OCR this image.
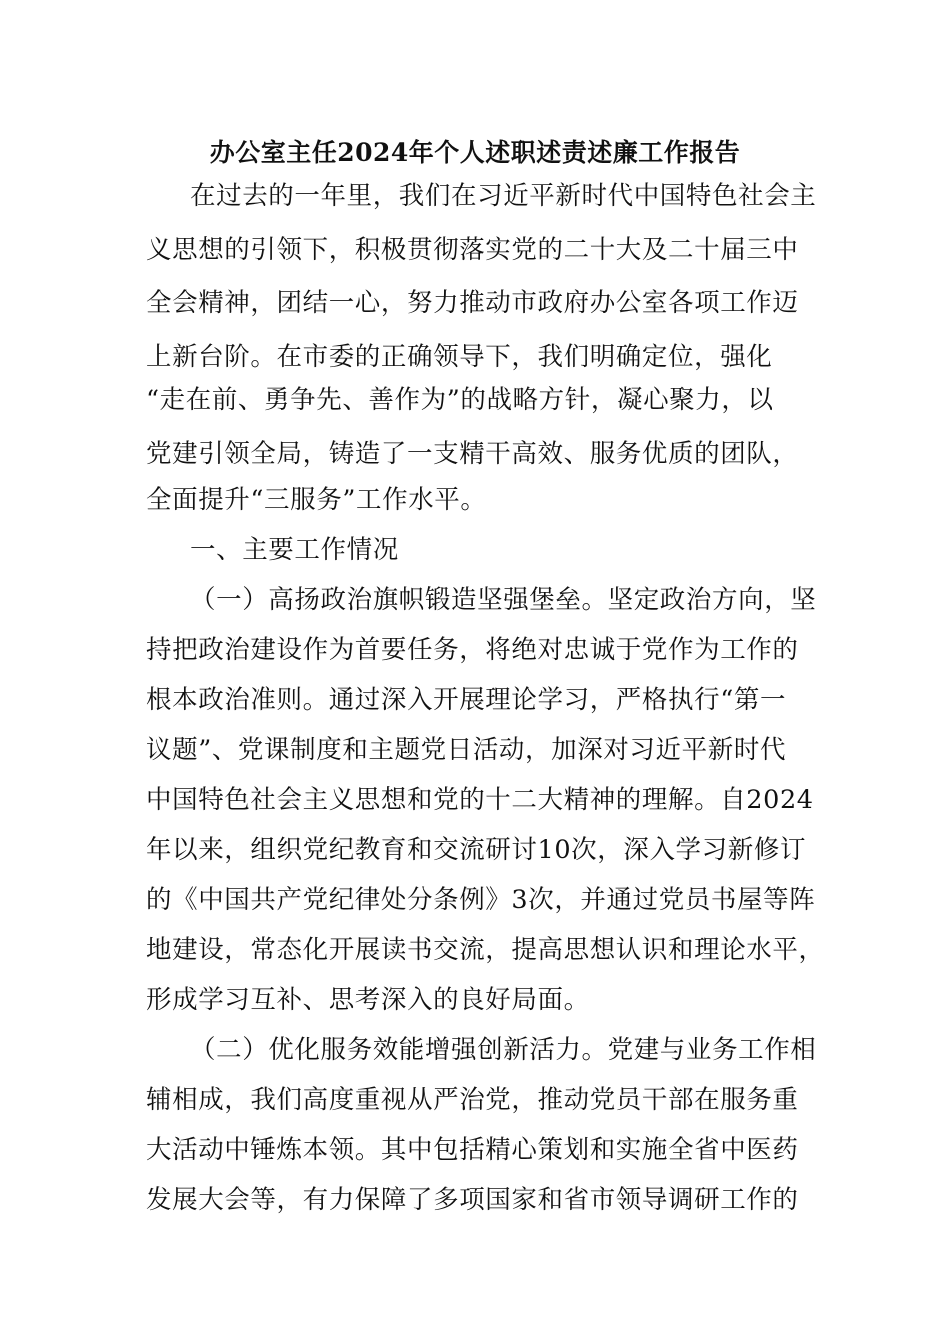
办公室主任2024年个人述职述责述廉工作报告
在过去的一年里，我们在习近平新时代中国特色社会主
义思想的引领下，积极贯彻落实党的二十大及二十届三中
全会精神，团结一心，努力推动市政府办公室各项工作迈
上新台阶。在市委的正确领导下，我们明确定位，强化
“走在前、勇争先、善作为”的战略方针，凝心聚力，以
党建引领全局，铸造了一支精干高效、服务优质的团队，
全面提升“三服务”工作水平。
一、主要工作情况
（一）高扬政治旗帜锻造坚强堡垒。坚定政治方向，坚
持把政治建设作为首要任务，将绝对忠诚于党作为工作的
根本政治准则。通过深入开展理论学习，严格执行“第一
议题”、党课制度和主题党日活动，加深对习近平新时代
中国特色社会主义思想和党的十二大精神的理解。自2024
年以来，组织党纪教育和交流研讨10次，深入学习新修订
的《中国共产党纪律处分条例》3次，并通过党员书屋等阵
地建设，常态化开展读书交流，提高思想认识和理论水平，
形成学习互补、思考深入的良好局面。
（二）优化服务效能增强创新活力。党建与业务工作相
辅相成，我们高度重视从严治党，推动党员干部在服务重
大活动中锤炼本领。其中包括精心策划和实施全省中医药
发展大会等，有力保障了多项国家和省市领导调研工作的
